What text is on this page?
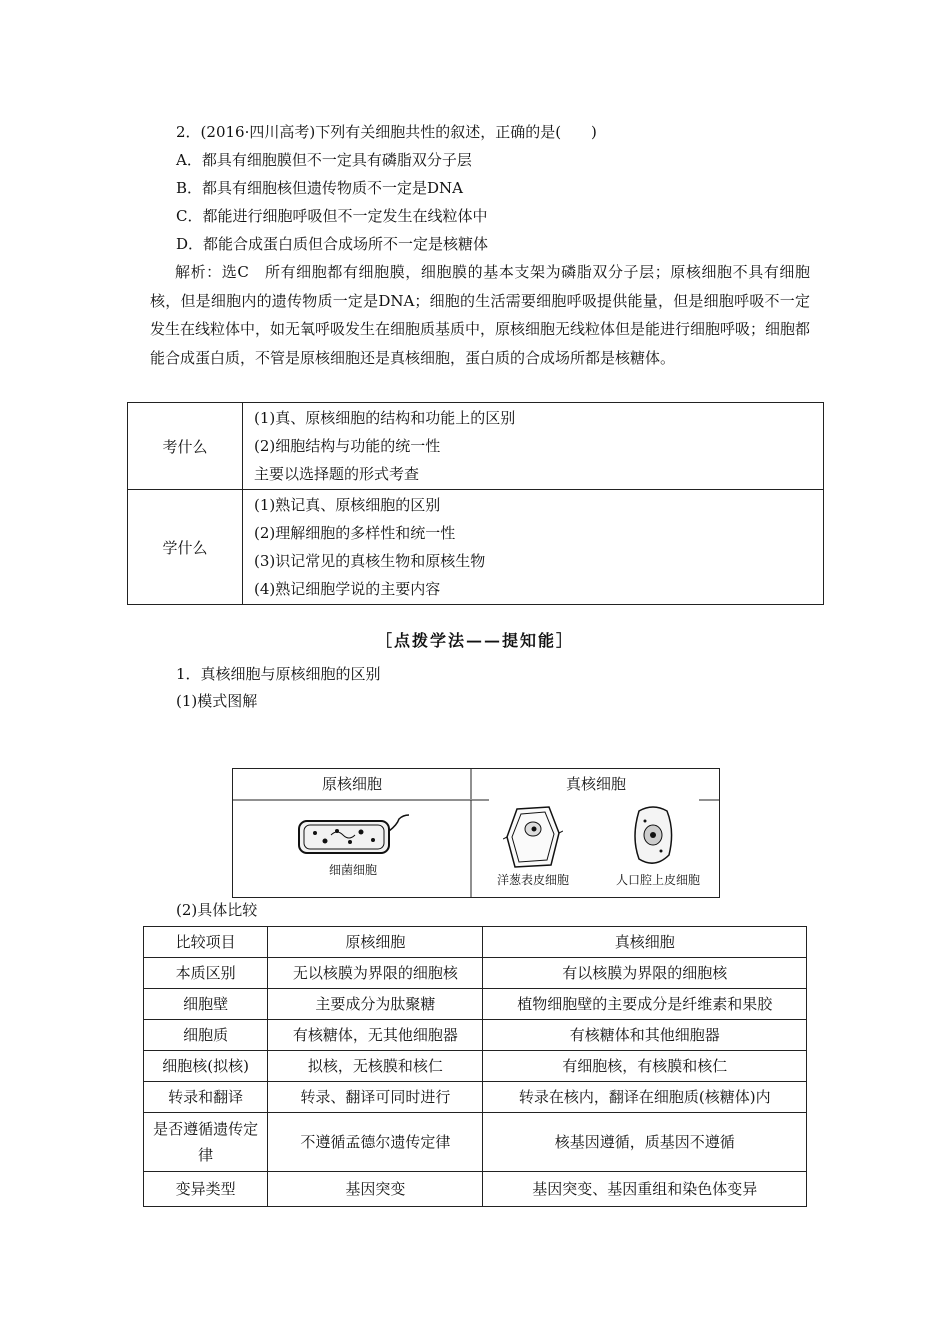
2．(2016·四川高考)下列有关细胞共性的叙述，正确的是(　　)
A．都具有细胞膜但不一定具有磷脂双分子层
B．都具有细胞核但遗传物质不一定是DNA
C．都能进行细胞呼吸但不一定发生在线粒体中
D．都能合成蛋白质但合成场所不一定是核糖体
解析：选C　所有细胞都有细胞膜，细胞膜的基本支架为磷脂双分子层；原核细胞不具有细胞核，但是细胞内的遗传物质一定是DNA；细胞的生活需要细胞呼吸提供能量，但是细胞呼吸不一定发生在线粒体中，如无氧呼吸发生在细胞质基质中，原核细胞无线粒体但是能进行细胞呼吸；细胞都能合成蛋白质，不管是原核细胞还是真核细胞，蛋白质的合成场所都是核糖体。
考什么	(1)真、原核细胞的结构和功能上的区别
(2)细胞结构与功能的统一性
主要以选择题的形式考查

学什么	(1)熟记真、原核细胞的区别
(2)理解细胞的多样性和统一性
(3)识记常见的真核生物和原核生物
(4)熟记细胞学说的主要内容
［点拨学法——提知能］
1．真核细胞与原核细胞的区别
(1)模式图解
原核细胞	真核细胞
细菌细胞
洋葱表皮细胞	人口腔上皮细胞
(2)具体比较
比较项目	原核细胞	真核细胞
本质区别	无以核膜为界限的细胞核	有以核膜为界限的细胞核
细胞壁	主要成分为肽聚糖	植物细胞壁的主要成分是纤维素和果胶
细胞质	有核糖体，无其他细胞器	有核糖体和其他细胞器
细胞核(拟核)	拟核，无核膜和核仁	有细胞核，有核膜和核仁
转录和翻译	转录、翻译可同时进行	转录在核内，翻译在细胞质(核糖体)内
是否遵循遗传定律	不遵循孟德尔遗传定律	核基因遵循，质基因不遵循
变异类型	基因突变	基因突变、基因重组和染色体变异
